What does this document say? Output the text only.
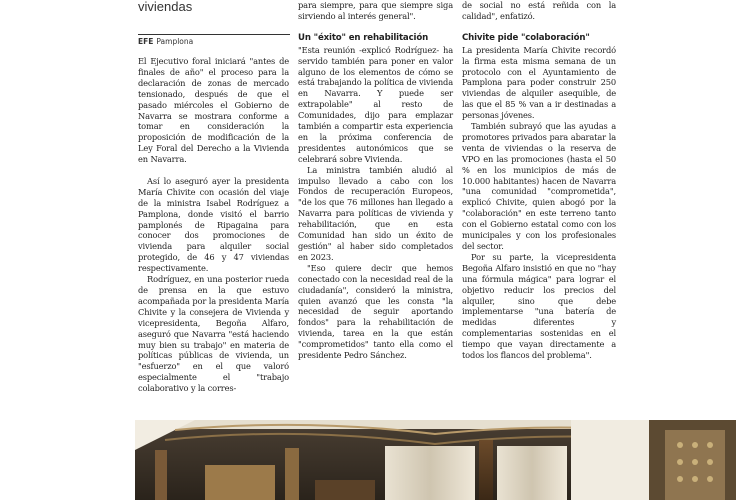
viviendas
EFE Pamplona

El Ejecutivo foral iniciará "antes de finales de año" el proceso para la declaración de zonas de mercado tensionado, después de que el pasado miércoles el Gobierno de Navarra se mostrara conforme a tomar en consideración la proposición de modificación de la Ley Foral del Derecho a la Vivienda en Navarra.

Así lo aseguró ayer la presidenta María Chivite con ocasión del viaje de la ministra Isabel Rodríguez a Pamplona, donde visitó el barrio pamplonés de Ripagaina para conocer dos promociones de vivienda para alquiler social protegido, de 46 y 47 viviendas respectivamente.

Rodríguez, en una posterior rueda de prensa en la que estuvo acompañada por la presidenta María Chivite y la consejera de Vivienda y vicepresidenta, Begoña Alfaro, aseguró que Navarra "está haciendo muy bien su trabajo" en materia de políticas públicas de vivienda, un "esfuerzo" en el que valoró especialmente el "trabajo colaborativo y la corres-

para siempre, para que siempre siga sirviendo al interés general".

Un "éxito" en rehabilitación

"Esta reunión -explicó Rodríguez- ha servido también para poner en valor alguno de los elementos de cómo se está trabajando la política de vivienda en Navarra. Y puede ser extrapolable" al resto de Comunidades, dijo para emplazar también a compartir esta experiencia en la próxima conferencia de presidentes autonómicos que se celebrará sobre Vivienda.

La ministra también aludió al impulso llevado a cabo con los Fondos de recuperación Europeos, "de los que 76 millones han llegado a Navarra para políticas de vivienda y rehabilitación, que en esta Comunidad han sido un éxito de gestión" al haber sido completados en 2023.

"Eso quiere decir que hemos conectado con la necesidad real de la ciudadanía", consideró la ministra, quien avanzó que les consta "la necesidad de seguir aportando fondos" para la rehabilitación de vivienda, tarea en la que están "comprometidos" tanto ella como el presidente Pedro Sánchez.

de social no está reñida con la calidad", enfatizó.

Chivite pide "colaboración"

La presidenta María Chivite recordó la firma esta misma semana de un protocolo con el Ayuntamiento de Pamplona para poder construir 250 viviendas de alquiler asequible, de las que el 85 % van a ir destinadas a personas jóvenes.

También subrayó que las ayudas a promotores privados para abaratar la venta de viviendas o la reserva de VPO en las promociones (hasta el 50 % en los municipios de más de 10.000 habitantes) hacen de Navarra "una comunidad "comprometida", explicó Chivite, quien abogó por la "colaboración" en este terreno tanto con el Gobierno estatal como con los municipales y con los profesionales del sector.

Por su parte, la vicepresidenta Begoña Alfaro insistió en que no "hay una fórmula mágica" para lograr el objetivo reducir los precios del alquiler, sino que debe implementarse "una batería de medidas diferentes y complementarias sostenidas en el tiempo que vayan directamente a todos los flancos del problema".
